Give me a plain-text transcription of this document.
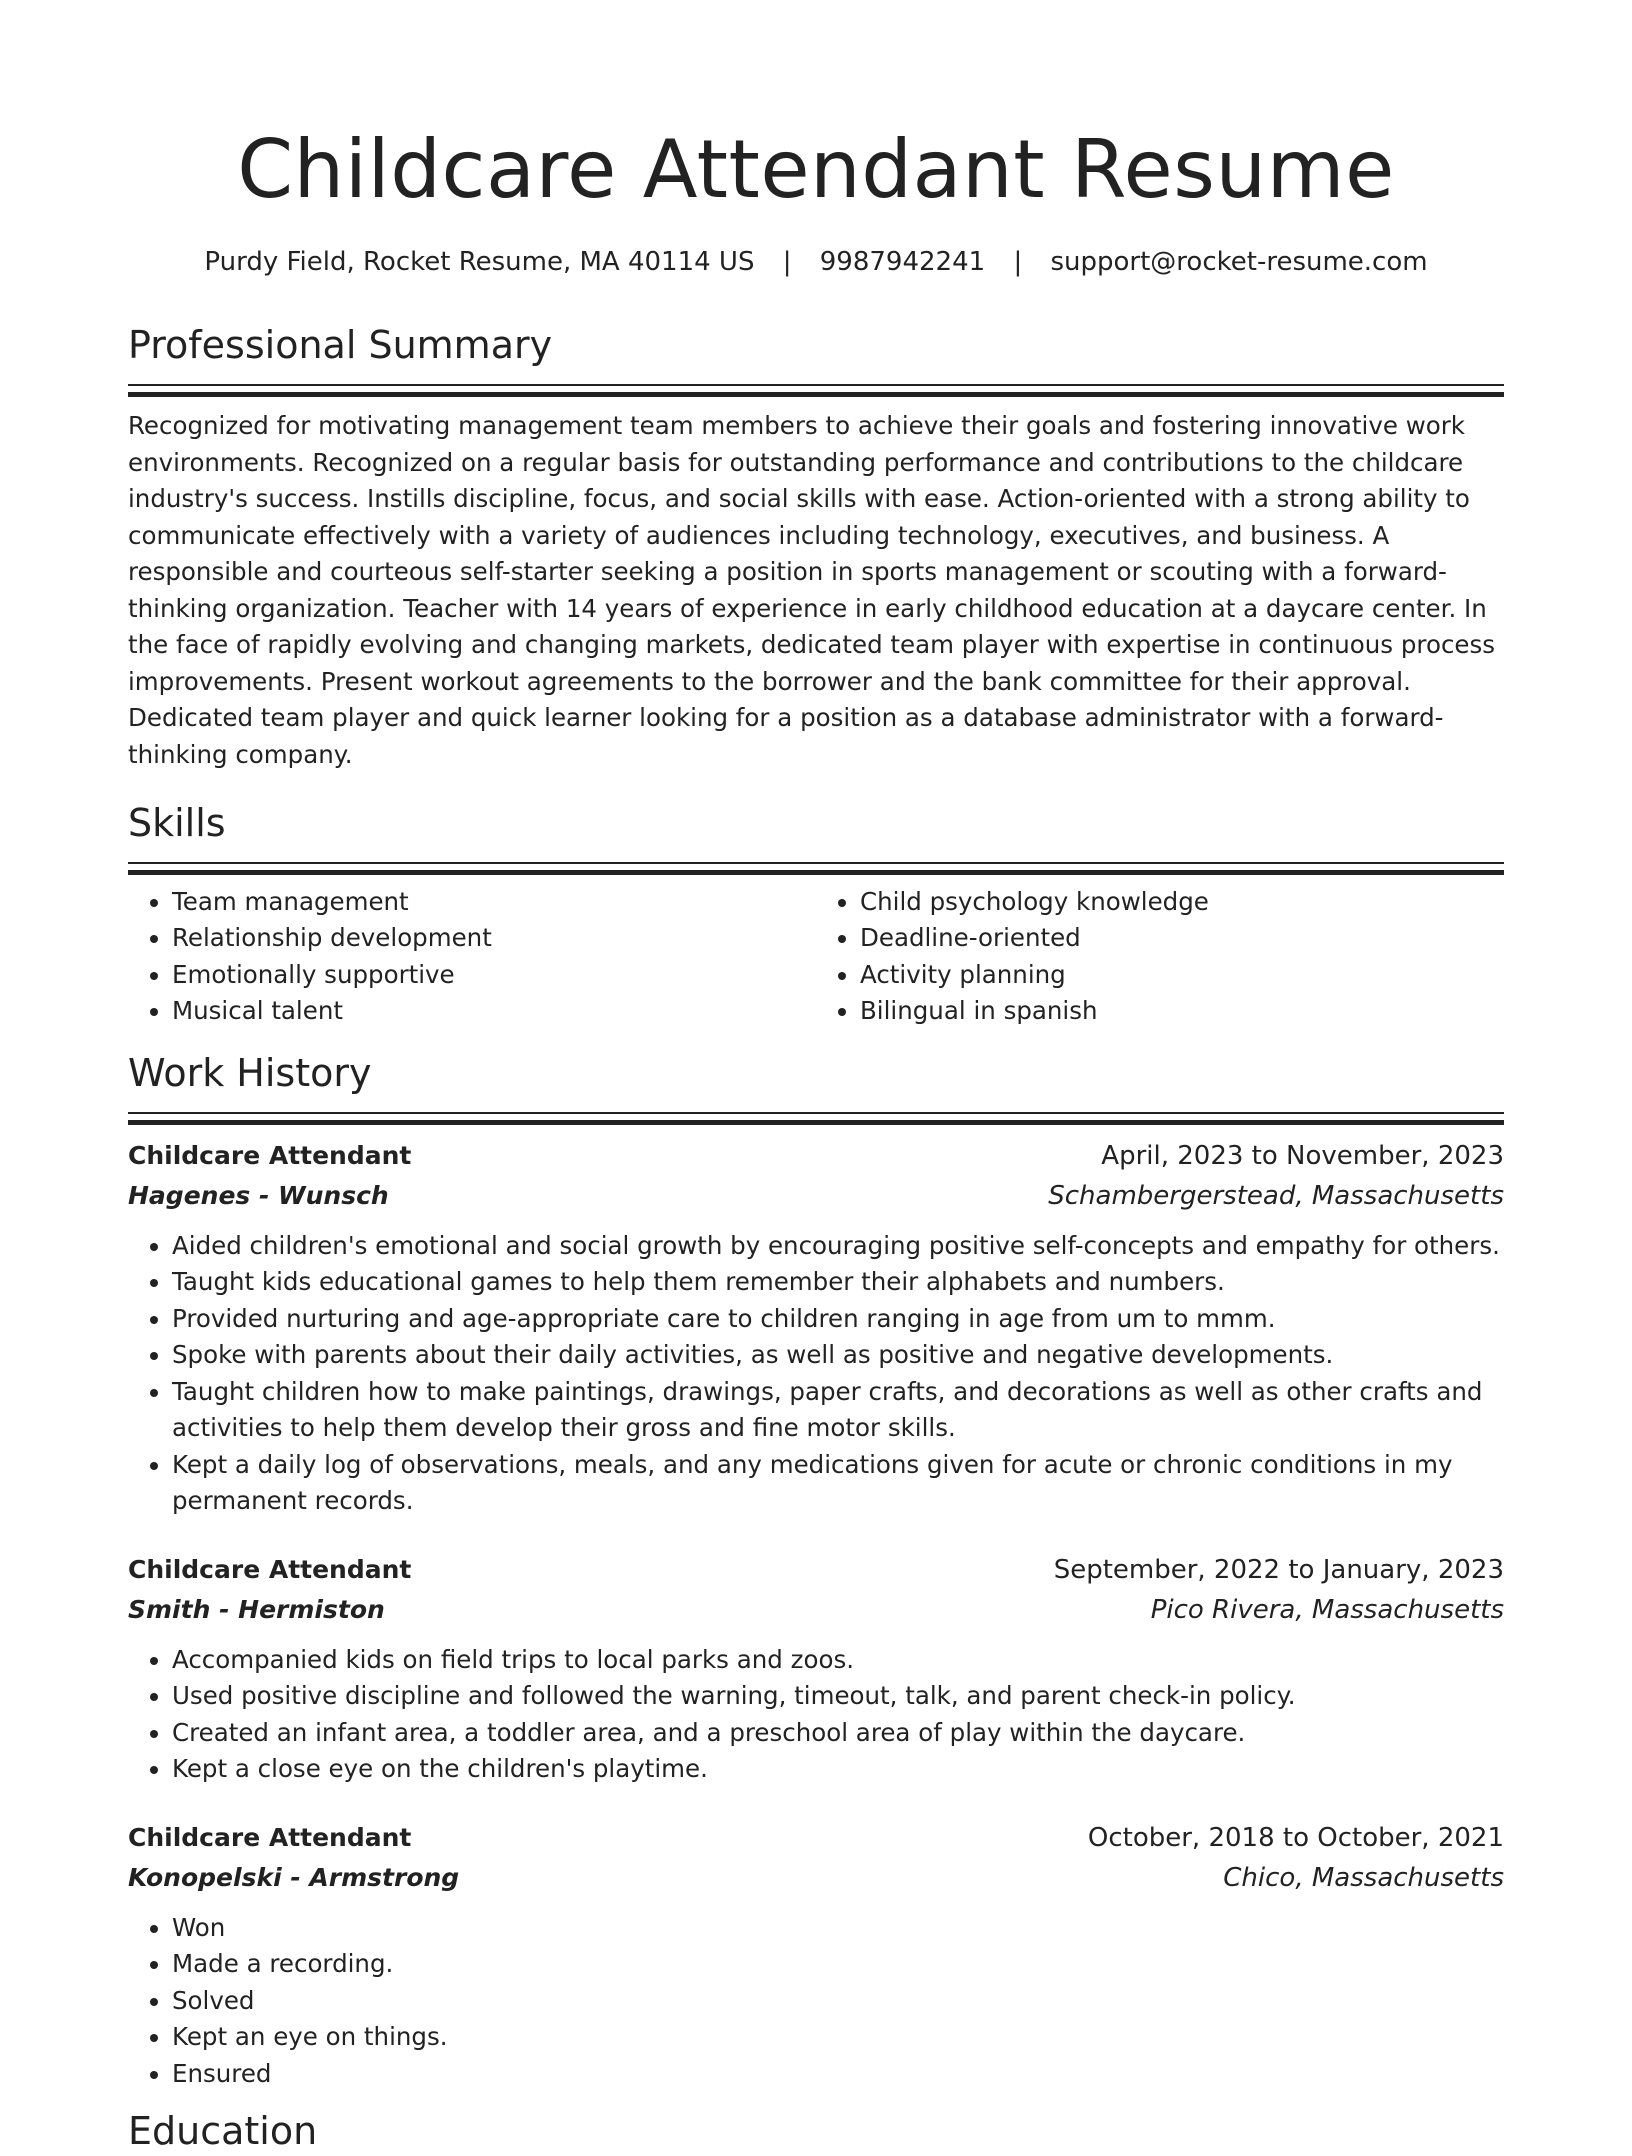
Childcare Attendant Resume
Purdy Field, Rocket Resume, MA 40114 US | 9987942241 | support@rocket-resume.com
Professional Summary

Recognized for motivating management team members to achieve their goals and fostering innovative work environments. Recognized on a regular basis for outstanding performance and contributions to the childcare industry's success. Instills discipline, focus, and social skills with ease. Action-oriented with a strong ability to communicate effectively with a variety of audiences including technology, executives, and business. A responsible and courteous self-starter seeking a position in sports management or scouting with a forward-thinking organization. Teacher with 14 years of experience in early childhood education at a daycare center. In the face of rapidly evolving and changing markets, dedicated team player with expertise in continuous process improvements. Present workout agreements to the borrower and the bank committee for their approval. Dedicated team player and quick learner looking for a position as a database administrator with a forward-thinking company.

Skills
• Team management
• Relationship development
• Emotionally supportive
• Musical talent
• Child psychology knowledge
• Deadline-oriented
• Activity planning
• Bilingual in spanish
Work History
Childcare Attendant	April, 2023 to November, 2023
Hagenes - Wunsch	Schambergerstead, Massachusetts
• Aided children's emotional and social growth by encouraging positive self-concepts and empathy for others.
• Taught kids educational games to help them remember their alphabets and numbers.
• Provided nurturing and age-appropriate care to children ranging in age from um to mmm.
• Spoke with parents about their daily activities, as well as positive and negative developments.
• Taught children how to make paintings, drawings, paper crafts, and decorations as well as other crafts and activities to help them develop their gross and fine motor skills.
• Kept a daily log of observations, meals, and any medications given for acute or chronic conditions in my permanent records.
Childcare Attendant	September, 2022 to January, 2023
Smith - Hermiston	Pico Rivera, Massachusetts
• Accompanied kids on field trips to local parks and zoos.
• Used positive discipline and followed the warning, timeout, talk, and parent check-in policy.
• Created an infant area, a toddler area, and a preschool area of play within the daycare.
• Kept a close eye on the children's playtime.
Childcare Attendant	October, 2018 to October, 2021
Konopelski - Armstrong	Chico, Massachusetts
• Won
• Made a recording.
• Solved
• Kept an eye on things.
• Ensured
Education
